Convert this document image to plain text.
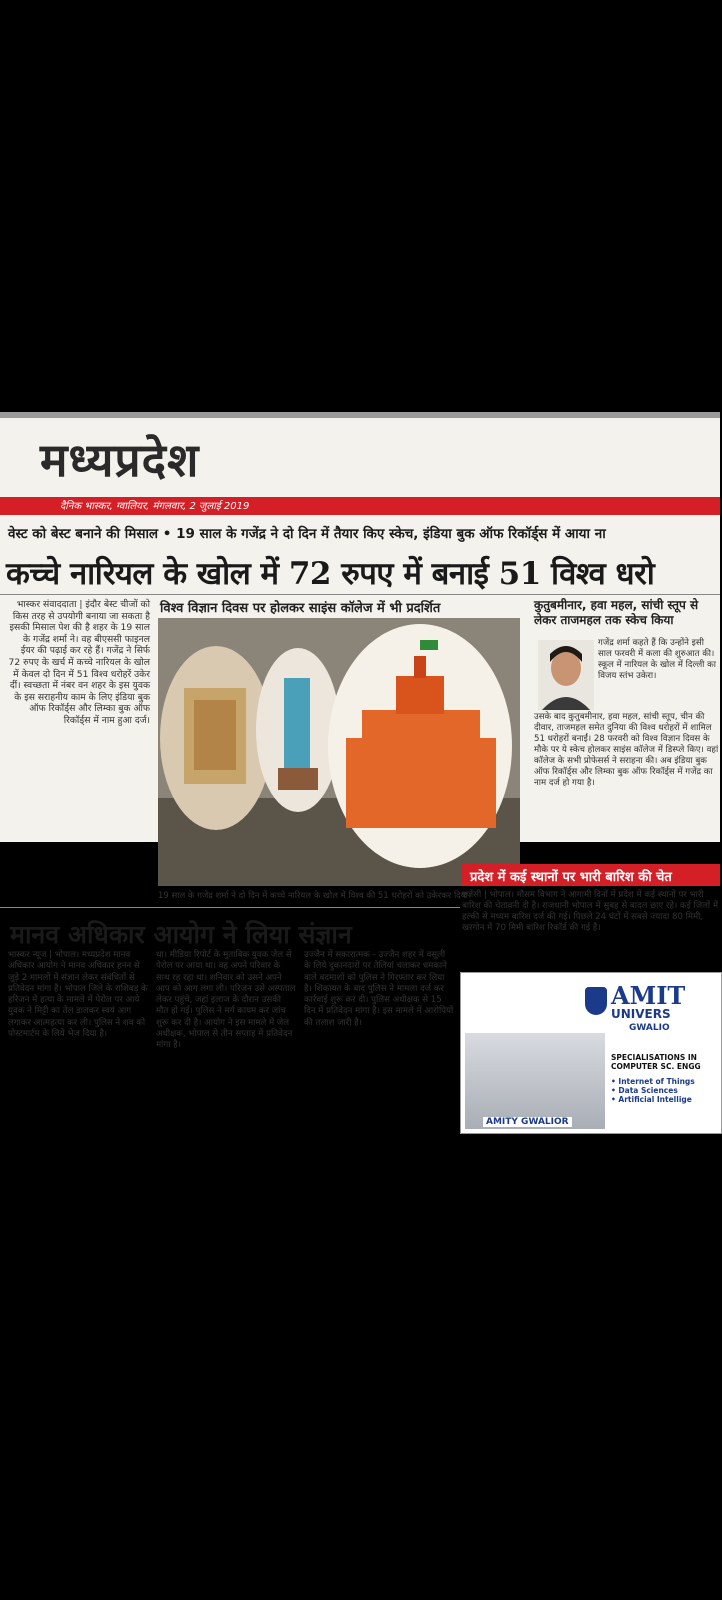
मध्यप्रदेश
दैनिक भास्कर, ग्वालियर, मंगलवार, 2 जुलाई 2019
वेस्ट को बेस्ट बनाने की मिसाल • 19 साल के गजेंद्र ने दो दिन में तैयार किए स्केच, इंडिया बुक ऑफ रिकॉर्ड्स में आया ना
कच्चे नारियल के खोल में 72 रुपए में बनाई 51 विश्व धरो
भास्कर संवाददाता | इंदौर बेस्ट चीजों को किस तरह से उपयोगी बनाया जा सकता है इसकी मिसाल पेश की है शहर के 19 साल के गजेंद्र शर्मा ने। वह बीएससी फाइनल ईयर की पढ़ाई कर रहे हैं। गजेंद्र ने सिर्फ 72 रुपए के खर्च में कच्चे नारियल के खोल में केवल दो दिन में 51 विश्व धरोहरें उकेर दीं। स्वच्छता में नंबर वन शहर के इस युवक के इस सराहनीय काम के लिए इंडिया बुक ऑफ रिकॉर्ड्स और लिम्का बुक ऑफ रिकॉर्ड्स में नाम हुआ दर्ज।
विश्व विज्ञान दिवस पर होलकर साइंस कॉलेज में भी प्रदर्शित
19 साल के गजेंद्र शर्मा ने दो दिन में कच्चे नारियल के खोल में विश्व की 51 धरोहरों को उकेरकर दिया।
कुतुबमीनार, हवा महल, सांची स्तूप से लेकर ताजमहल तक स्केच किया
गजेंद्र शर्मा कहते हैं कि उन्होंने इसी साल फरवरी में कला की शुरुआत की। स्कूल में नारियल के खोल में दिल्ली का विजय स्तंभ उकेरा।
उसके बाद कुतुबमीनार, हवा महल, सांची स्तूप, चीन की दीवार, ताजमहल समेत दुनिया की विश्व धरोहरों में शामिल 51 धरोहरों बनाईं। 28 फरवरी को विश्व विज्ञान दिवस के मौके पर ये स्केच होलकर साइंस कॉलेज में डिस्प्ले किए। वहां कॉलेज के सभी प्रोफेसर्स ने सराहना की। अब इंडिया बुक ऑफ रिकॉर्ड्स और लिम्का बुक ऑफ रिकॉर्ड्स में गजेंद्र का नाम दर्ज हो गया है।
मानव अधिकार आयोग ने लिया संज्ञान
भास्कर न्यूज | भोपाल। मध्यप्रदेश मानव अधिकार आयोग ने मानव अधिकार हनन से जुड़े 2 मामलों में संज्ञान लेकर संबंधितों से प्रतिवेदन मांगा है। भोपाल जिले के राशिबड़ के हरिजन में हत्या के मामले में पेरोल पर आये युवक ने मिट्टी का तेल डालकर स्वयं आग लगाकर आत्महत्या कर ली। पुलिस ने शव को पोस्टमार्टम के लिये भेज दिया है।
था। मीडिया रिपोर्ट के मुताबिक युवक जेल से पेरोल पर आया था। वह अपने परिवार के साथ रह रहा था। शनिवार को उसने अपने आप को आग लगा ली। परिजन उसे अस्पताल लेकर पहुंचे, जहां इलाज के दौरान उसकी मौत हो गई। पुलिस ने मर्ग कायम कर जांच शुरू कर दी है। आयोग ने इस मामले में जेल अधीक्षक, भोपाल से तीन सप्ताह में प्रतिवेदन मांगा है।
उज्जैन में सकारात्मक ‑ उज्जैन शहर में वसूली के लिये दुकानदारों पर तेलियां चलाकर धमकाने वाले बदमाशों को पुलिस ने गिरफ्तार कर लिया है। शिकायत के बाद पुलिस ने मामला दर्ज कर कार्रवाई शुरू कर दी। पुलिस अधीक्षक से 15 दिन में प्रतिवेदन मांगा है। इस मामले में आरोपियों की तलाश जारी है।
प्रदेश में कई स्थानों पर भारी बारिश की चेत
एजेंसी | भोपाल। मौसम विभाग ने आगामी दिनों में प्रदेश में कई स्थानों पर भारी बारिश की चेतावनी दी है। राजधानी भोपाल में सुबह से बादल छाए रहे। कई जिलों में हल्की से मध्यम बारिश दर्ज की गई। पिछले 24 घंटों में सबसे ज्यादा 80 मिमी, खरगोन में 70 मिमी बारिश रिकॉर्ड की गई है।
AMIT
UNIVERS
GWALIO
SPECIALISATIONS IN COMPUTER SC. ENGG
• Internet of Things
• Data Sciences
• Artificial Intellige
AMITY GWALIOR
